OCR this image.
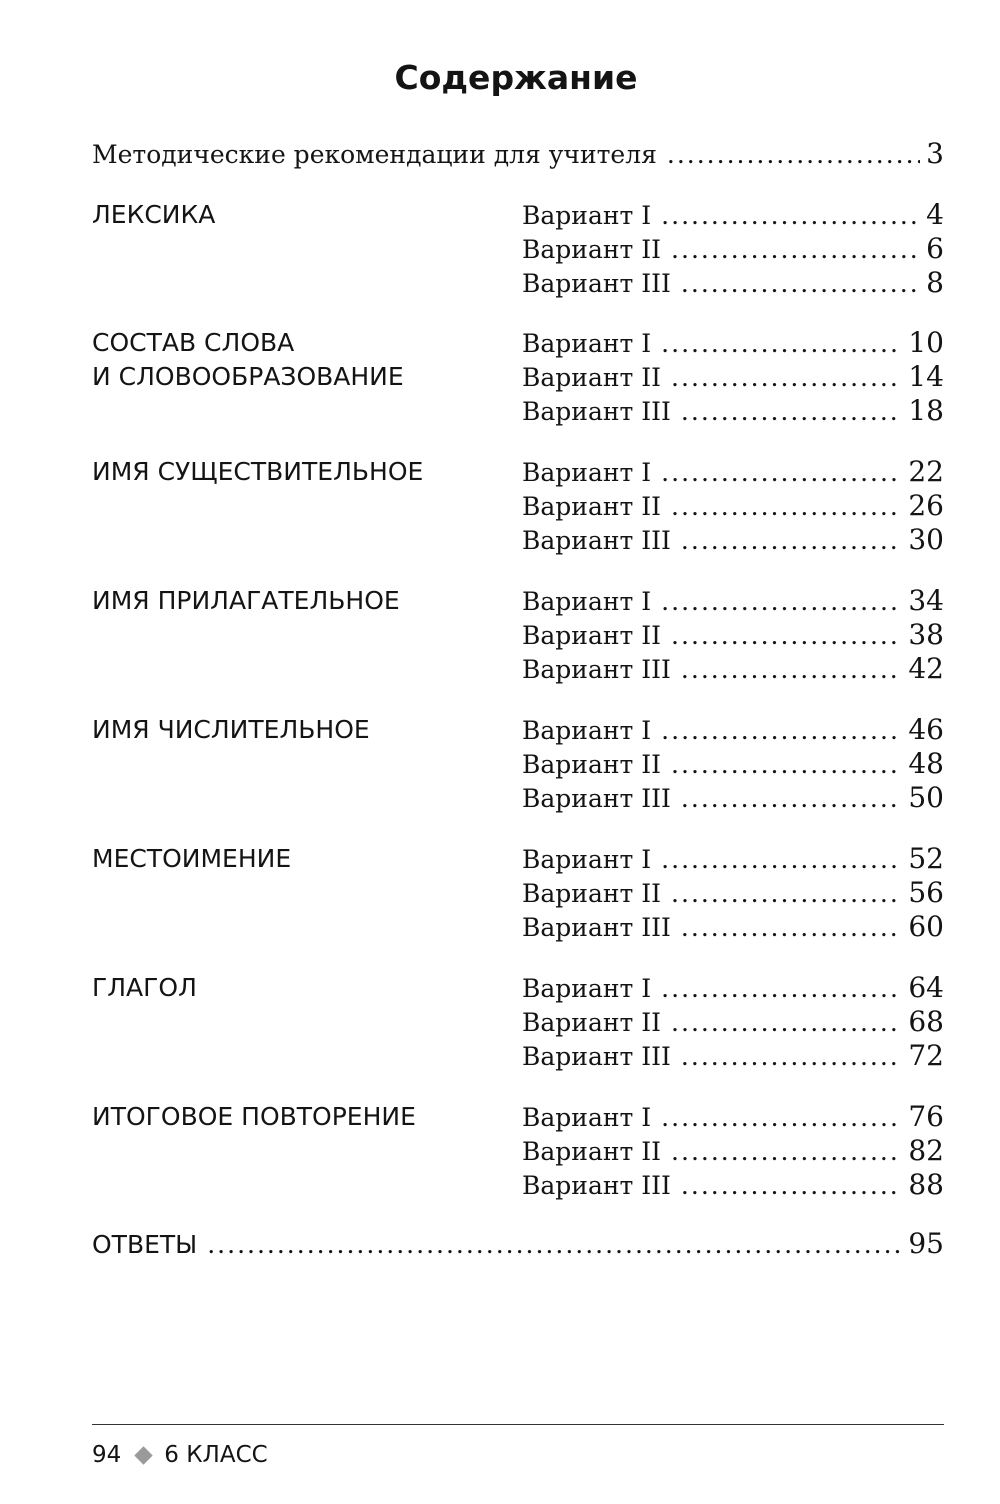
Содержание
Методические рекомендации для учителя .....	3
ЛЕКСИКА	Вариант I .....	4
Вариант II .....	6
Вариант III .....	8
СОСТАВ СЛОВА
И СЛОВООБРАЗОВАНИЕ
Вариант I .....	10
Вариант II .....	14
Вариант III .....	18
ИМЯ СУЩЕСТВИТЕЛЬНОЕ	Вариант I .....	22
Вариант II .....	26
Вариант III .....	30
ИМЯ ПРИЛАГАТЕЛЬНОЕ	Вариант I .....	34
Вариант II .....	38
Вариант III .....	42
ИМЯ ЧИСЛИТЕЛЬНОЕ	Вариант I .....	46
Вариант II .....	48
Вариант III .....	50
МЕСТОИМЕНИЕ	Вариант I .....	52
Вариант II .....	56
Вариант III .....	60
ГЛАГОЛ	Вариант I .....	64
Вариант II .....	68
Вариант III .....	72
ИТОГОВОЕ ПОВТОРЕНИЕ	Вариант I .....	76
Вариант II .....	82
Вариант III .....	88
ОТВЕТЫ .....	95
94 6 КЛАСС
